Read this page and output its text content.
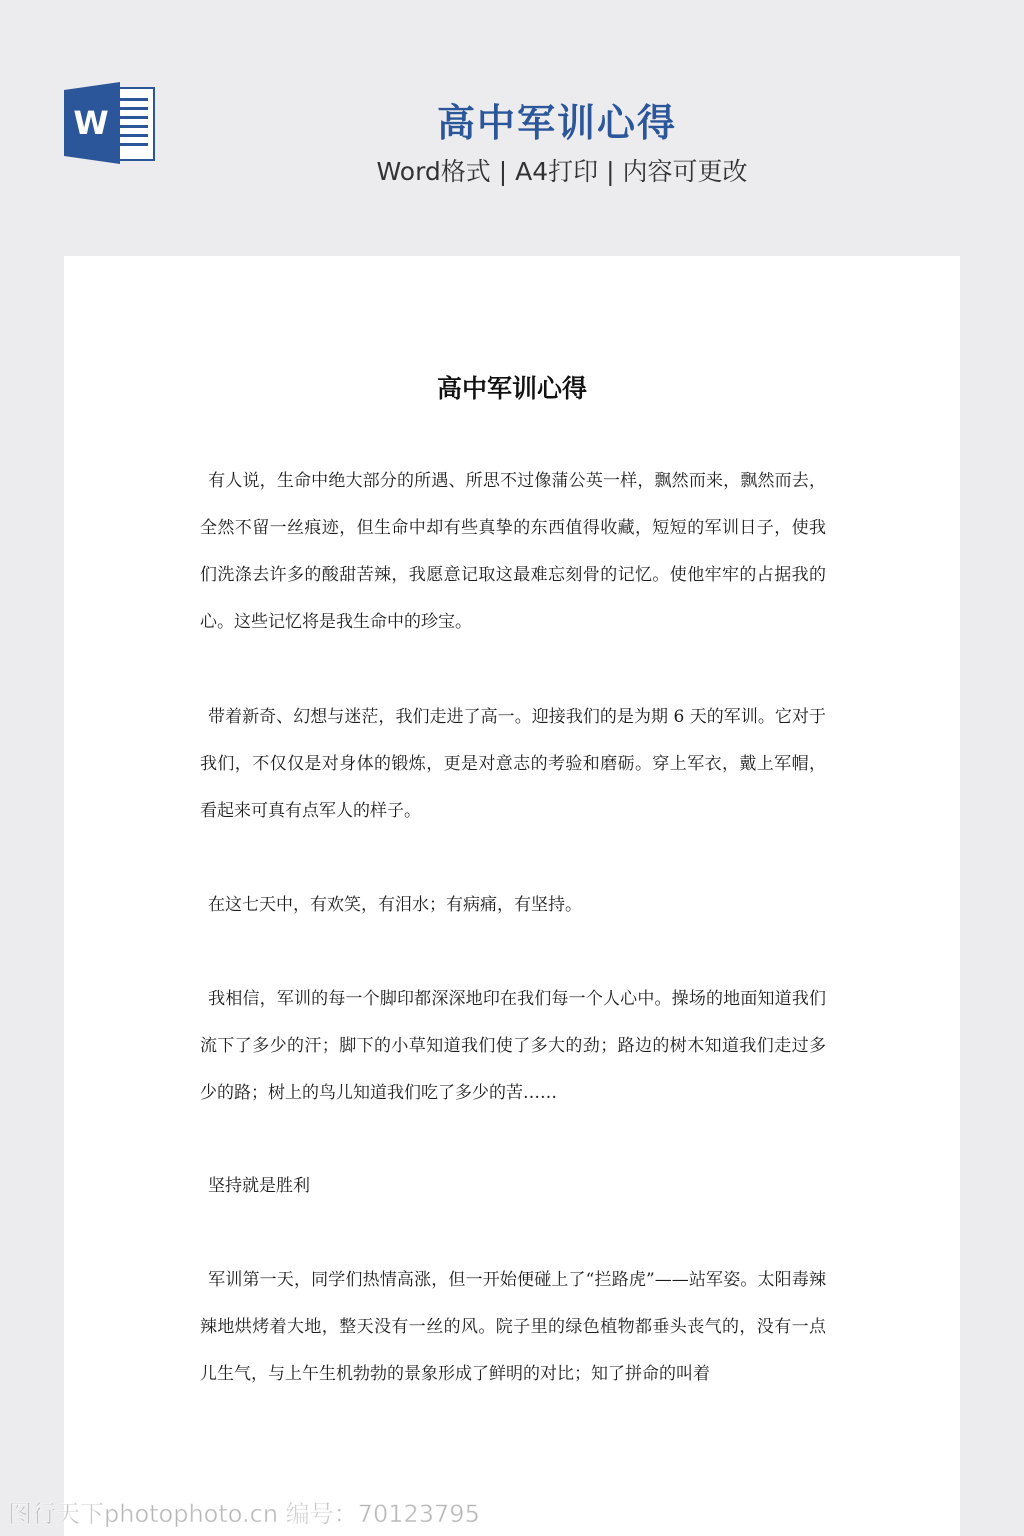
W	高中军训心得
Word格式 | A4打印 | 内容可更改
高中军训心得
有人说，生命中绝大部分的所遇、所思不过像蒲公英一样，飘然而来，飘然而去，全然不留一丝痕迹，但生命中却有些真挚的东西值得收藏，短短的军训日子，使我们洗涤去许多的酸甜苦辣，我愿意记取这最难忘刻骨的记忆。使他牢牢的占据我的心。这些记忆将是我生命中的珍宝。
带着新奇、幻想与迷茫，我们走进了高一。迎接我们的是为期 6 天的军训。它对于我们，不仅仅是对身体的锻炼，更是对意志的考验和磨砺。穿上军衣，戴上军帽，看起来可真有点军人的样子。
在这七天中，有欢笑，有泪水；有病痛，有坚持。
我相信，军训的每一个脚印都深深地印在我们每一个人心中。操场的地面知道我们流下了多少的汗；脚下的小草知道我们使了多大的劲；路边的树木知道我们走过多少的路；树上的鸟儿知道我们吃了多少的苦……
坚持就是胜利
军训第一天，同学们热情高涨，但一开始便碰上了“拦路虎”——站军姿。太阳毒辣辣地烘烤着大地，整天没有一丝的风。院子里的绿色植物都垂头丧气的，没有一点儿生气，与上午生机勃勃的景象形成了鲜明的对比；知了拼命的叫着
图行天下photophoto.cn 编号：70123795
